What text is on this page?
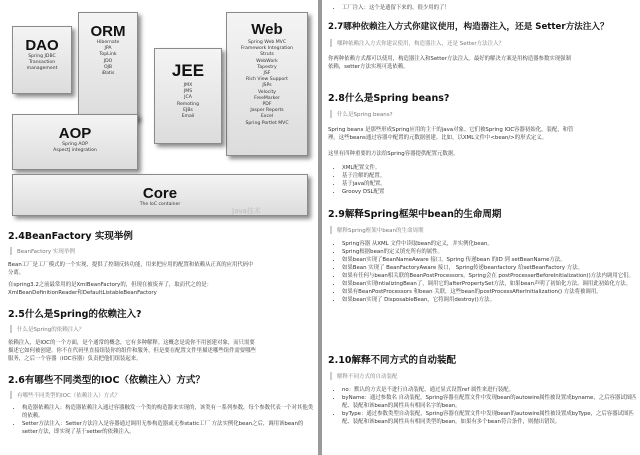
DAO
Spring JDBC
Transaction
management
ORM
Hibernate
JPA
TopLink
JDO
OJB
iBatis
Web
Spring Web MVC
Framework Integration
Struts
WebWork
Tapestry
JSF
Rich View Support
JSPs
Velocity
FreeMarker
PDF
Jasper Reports
Excel
Spring Portlet MVC
JEE
JMX
JMS
JCA
Remoting
EJBs
Email
AOP
Spring AOP
AspectJ integration
Core
The IoC container
Java技术
2.4BeanFactory 实现举例
BeanFactory 实现举例
Bean工厂是工厂模式的一个实现，提供了控制反转功能，用来把应用的配置和依赖从正真的应用代码中
分离。
在spring3.2之前最常用的是XmlBeanFactory的，但现在被废弃了，取而代之的是：
XmlBeanDefinitionReader和DefaultListableBeanFactory
2.5什么是Spring的依赖注入?
什么是Spring的依赖注入？
依赖注入，是IOC的一个方面，是个通常的概念，它有多种解释。这概念是说你不用创建对象，而只需要
描述它如何被创建。你不在代码里直接组装你的组件和服务，但是要在配置文件里描述哪些组件需要哪些
服务，之后一个容器（IOC容器）负责把他们组装起来。
2.6有哪些不同类型的IOC（依赖注入）方式？
有哪些不同类型的IOC（依赖注入）方式？
• 构造器依赖注入：构造器依赖注入通过容器触发一个类的构造器来实现的，该类有一系列参数，每个参数代表一个对其他类的依赖。
• Setter方法注入：Setter方法注入是容器通过调用无参构造器或无参static工厂 方法实例化bean之后，调用该bean的setter方法，即实现了基于setter的依赖注入。
• 工厂注入：这个是遗留下来的，很少用的了！
2.7哪种依赖注入方式你建议使用，构造器注入，还是 Setter方法注入？
哪种依赖注入方式你建议使用，构造器注入，还是 Setter方法注入？
你两种依赖方式都可以使用，构造器注入和Setter方法注入。最好的解决方案是用构造器参数实现强制
依赖，setter方法实现可选依赖。
2.8什么是Spring beans?
什么是Spring beans?
Spring beans 是那些形成Spring应用的主干的java对象。它们被Spring IOC容器初始化，装配，和管
理。这些beans通过容器中配置的元数据创建。比如，以XML文件中<bean/>的形式定义。
这里有四种重要的方法给Spring容器提供配置元数据。
• XML配置文件。
• 基于注解的配置。
• 基于java的配置。
• Groovy DSL配置
2.9解释Spring框架中bean的生命周期
解释Spring框架中bean的生命周期
• Spring容器 从XML 文件中读取bean的定义，并实例化bean。
• Spring根据bean的定义填充所有的属性。
• 如果bean实现了BeanNameAware 接口，Spring 传递bean 的ID 到 setBeanName方法。
• 如果Bean 实现了 BeanFactoryAware 接口， Spring传递beanfactory 给setBeanFactory 方法。
• 如果有任何与bean相关联的BeanPostProcessors，Spring会在 postProcesserBeforeInitialization()方法内调用它们。
• 如果bean实现IntializingBean了，调用它的afterPropertySet方法，如果bean声明了初始化方法，调用此初始化方法。
• 如果有BeanPostProcessors 和bean 关联，这些bean的postProcessAfterInitialization() 方法将被调用。
• 如果bean实现了 DisposableBean，它将调用destroy()方法。
2.10解释不同方式的自动装配
解释不同方式的自动装配
• no：默认的方式是不进行自动装配，通过显式设置ref 属性来进行装配。
• byName：通过参数名 自动装配，Spring容器在配置文件中发现bean的autowire属性被设置成byname，之后容器试图匹配、装配和该bean的属性具有相同名字的bean。
• byType：通过参数类型自动装配，Spring容器在配置文件中发现bean的autowire属性被设置成byType，之后容器试图匹配、装配和该bean的属性具有相同类型的bean。如果有多个bean符合条件，则抛出错误。
